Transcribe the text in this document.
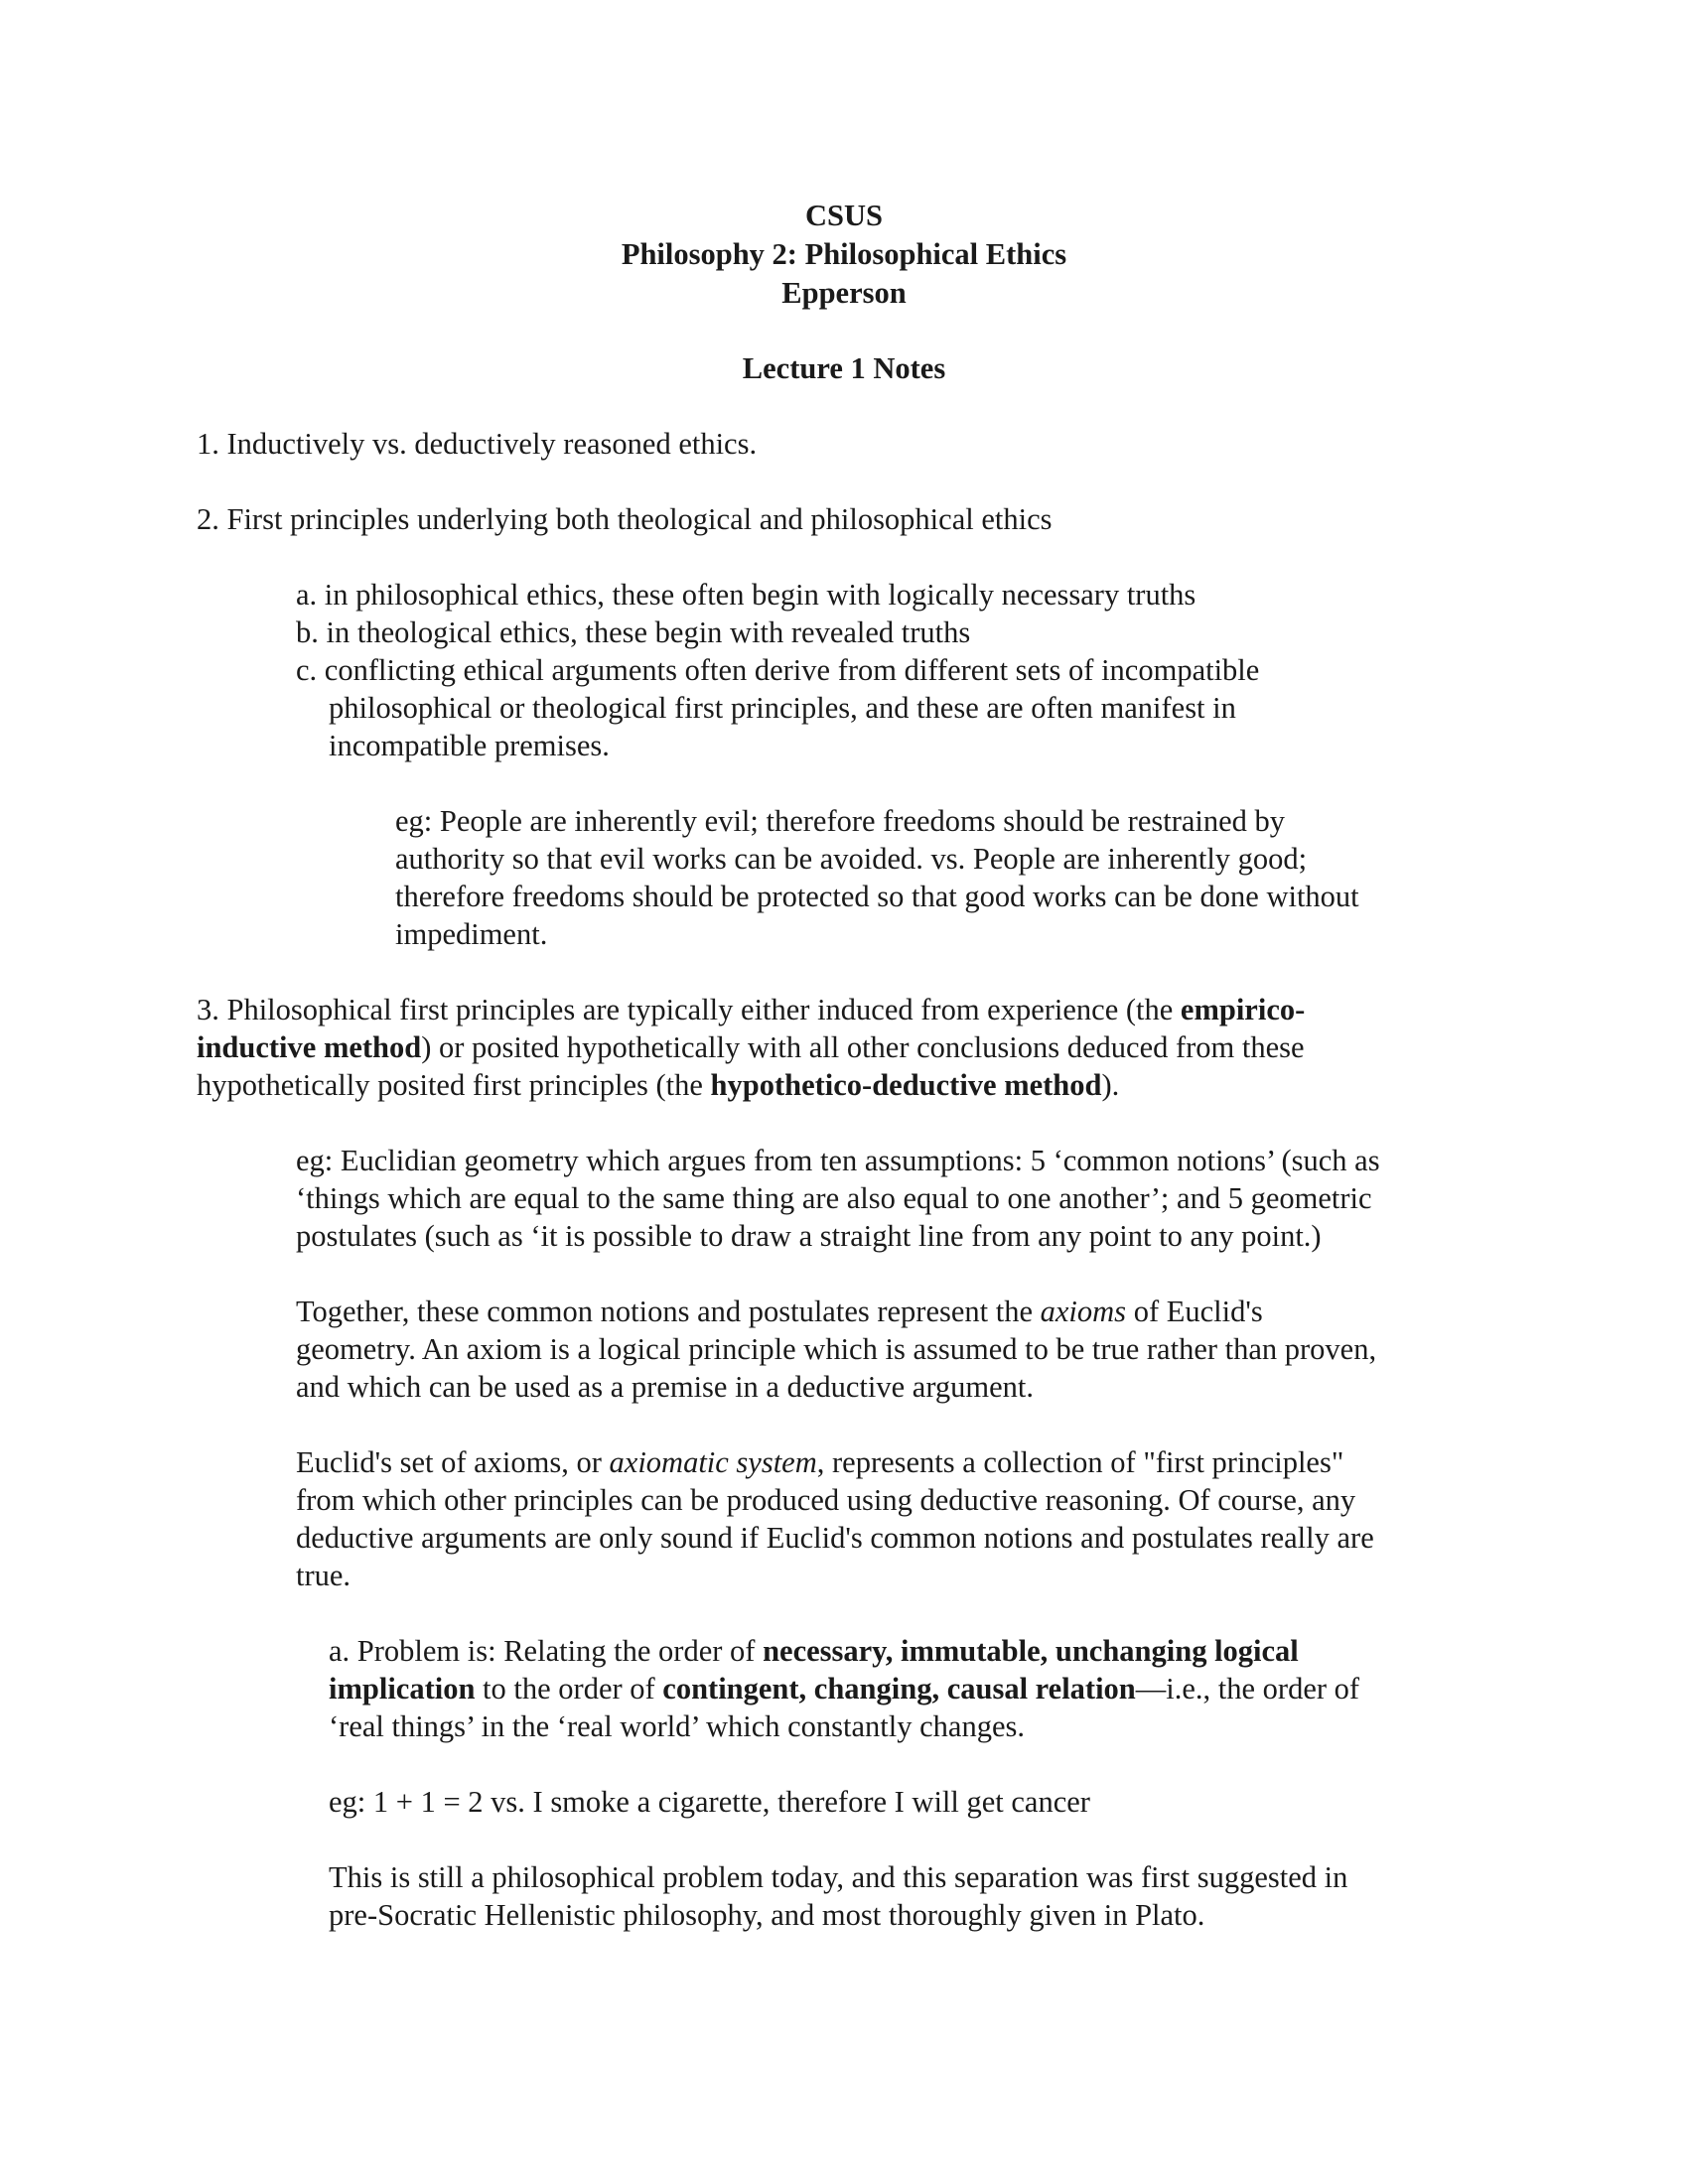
CSUS

Philosophy 2: Philosophical Ethics

Epperson

Lecture 1 Notes

1. Inductively vs. deductively reasoned ethics.

2. First principles underlying both theological and philosophical ethics

a. in philosophical ethics, these often begin with logically necessary truths

b. in theological ethics, these begin with revealed truths

c. conflicting ethical arguments often derive from different sets of incompatible

philosophical or theological first principles, and these are often manifest in

incompatible premises.

eg: People are inherently evil; therefore freedoms should be restrained by

authority so that evil works can be avoided. vs. People are inherently good;

therefore freedoms should be protected so that good works can be done without

impediment.

3. Philosophical first principles are typically either induced from experience (the empirico-

inductive method) or posited hypothetically with all other conclusions deduced from these

hypothetically posited first principles (the hypothetico-deductive method).

eg: Euclidian geometry which argues from ten assumptions: 5 ‘common notions’ (such as

‘things which are equal to the same thing are also equal to one another’; and 5 geometric

postulates (such as ‘it is possible to draw a straight line from any point to any point.)

Together, these common notions and postulates represent the axioms of Euclid's

geometry. An axiom is a logical principle which is assumed to be true rather than proven,

and which can be used as a premise in a deductive argument.

Euclid's set of axioms, or axiomatic system, represents a collection of "first principles"

from which other principles can be produced using deductive reasoning. Of course, any

deductive arguments are only sound if Euclid's common notions and postulates really are

true.

a. Problem is: Relating the order of necessary, immutable, unchanging logical

implication to the order of contingent, changing, causal relation—i.e., the order of

‘real things’ in the ‘real world’ which constantly changes.

eg: 1 + 1 = 2 vs. I smoke a cigarette, therefore I will get cancer

This is still a philosophical problem today, and this separation was first suggested in

pre-Socratic Hellenistic philosophy, and most thoroughly given in Plato.
